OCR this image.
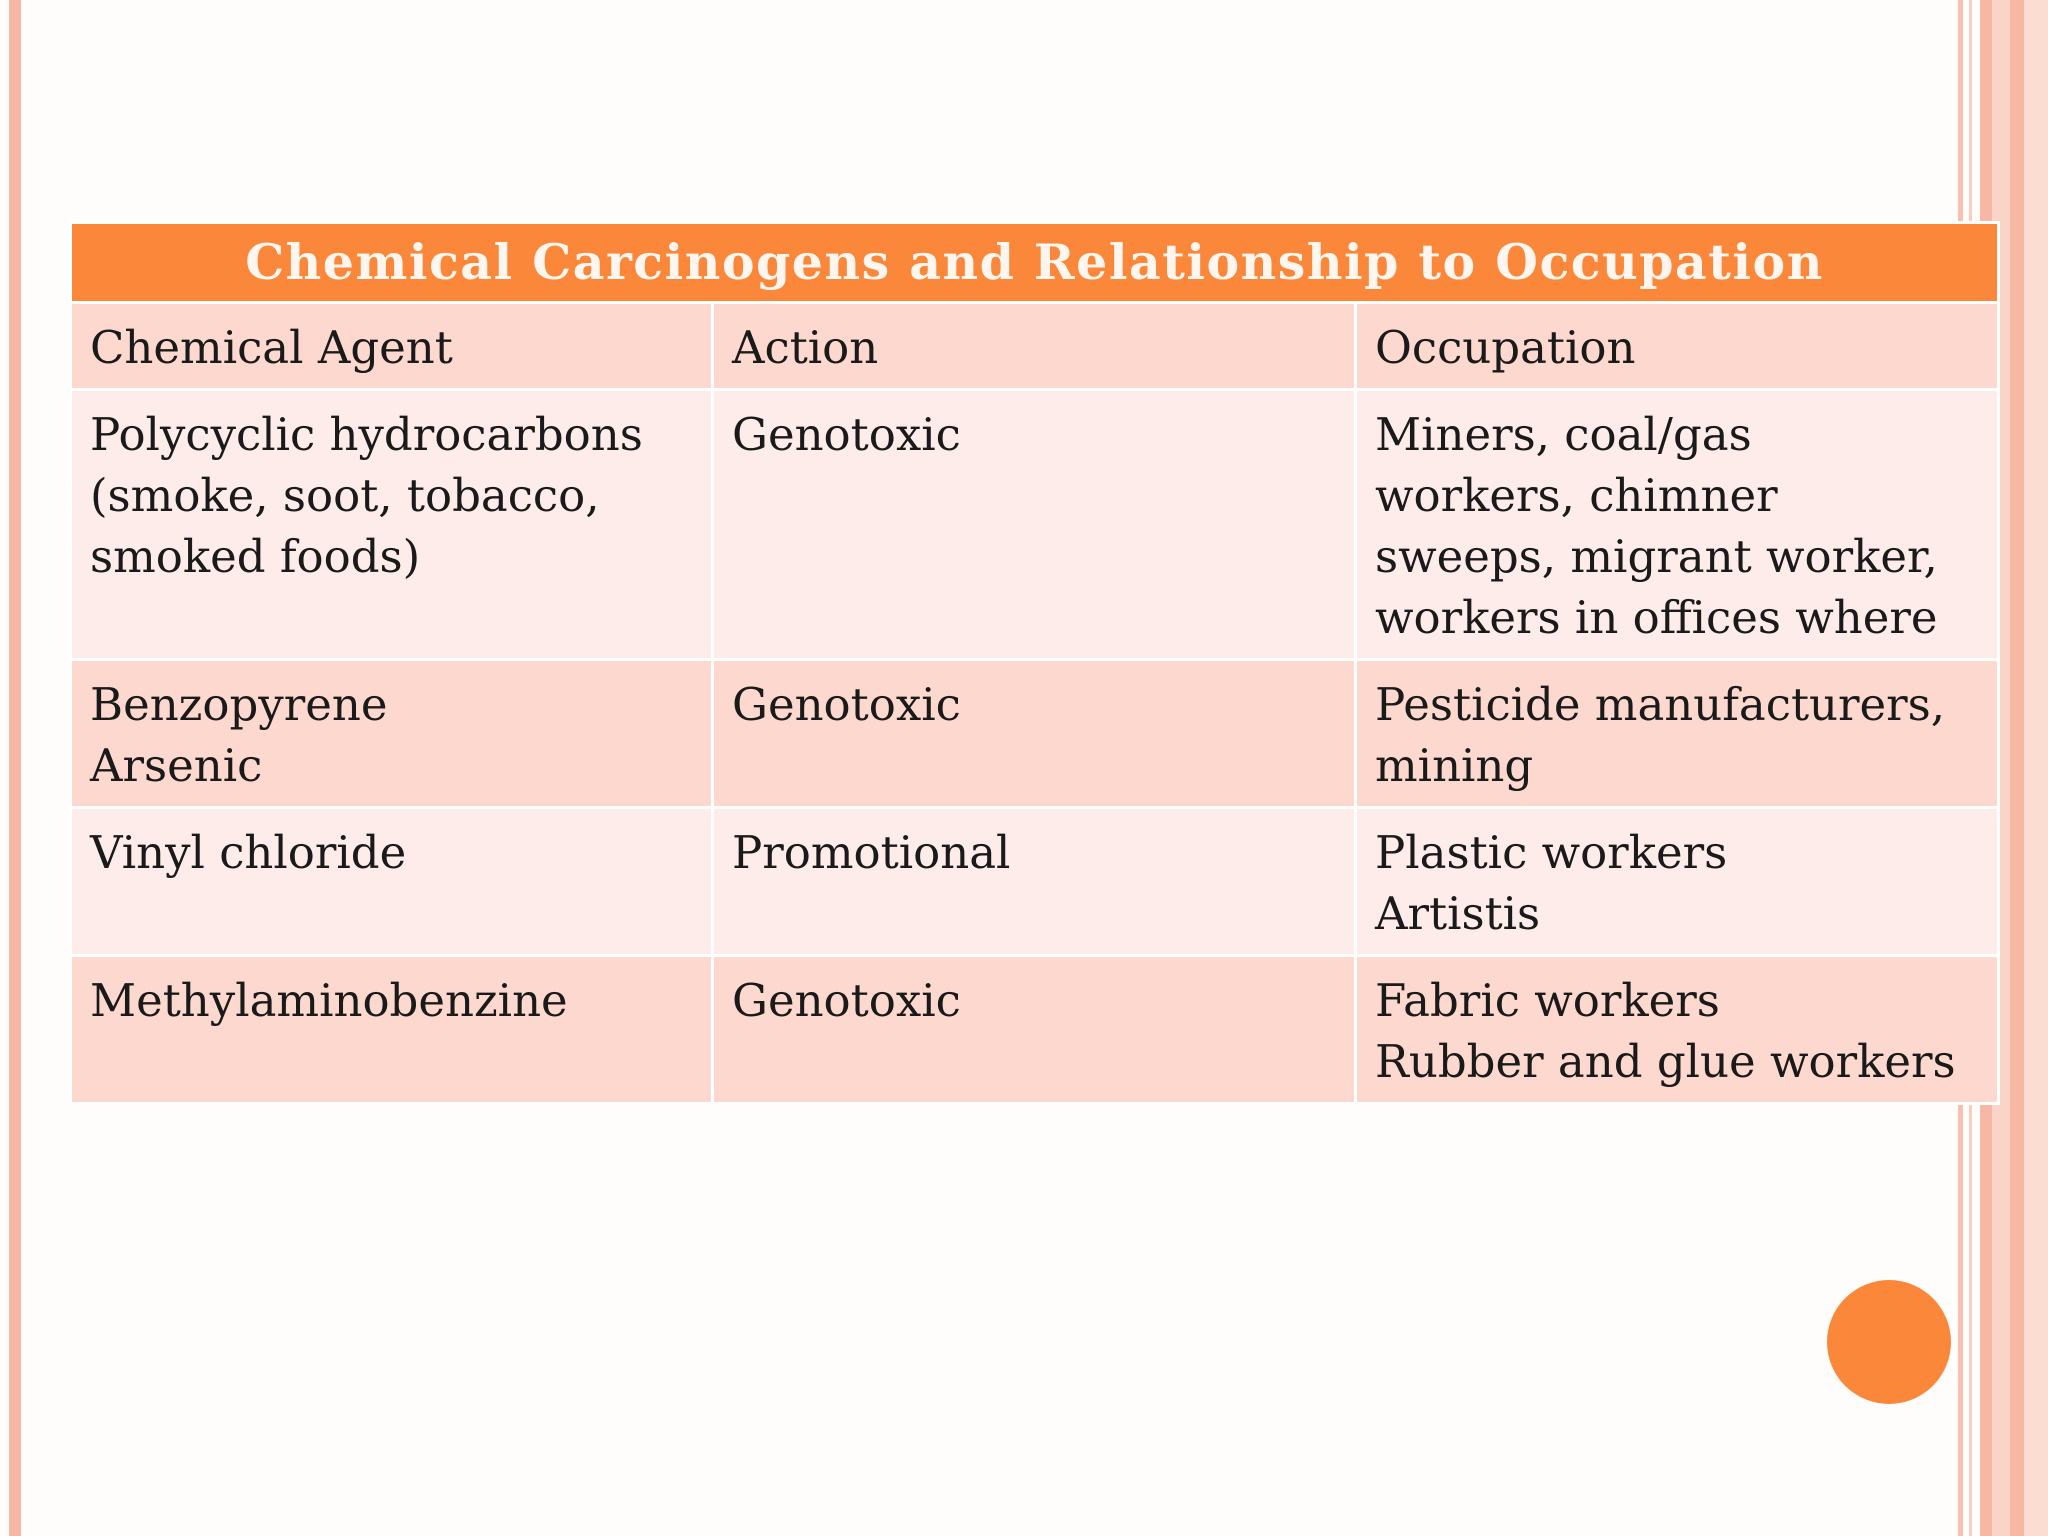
Chemical Carcinogens and Relationship to Occupation		
Chemical Agent	Action	Occupation

Polycyclic hydrocarbons
(smoke, soot, tobacco,
smoked foods)	Genotoxic	Miners, coal/gas
workers, chimner
sweeps, migrant worker,
workers in offices where

Benzopyrene
Arsenic	Genotoxic	Pesticide manufacturers,
mining

Vinyl chloride	Promotional	Plastic workers
Artistis

Methylaminobenzine	Genotoxic	Fabric workers
Rubber and glue workers
